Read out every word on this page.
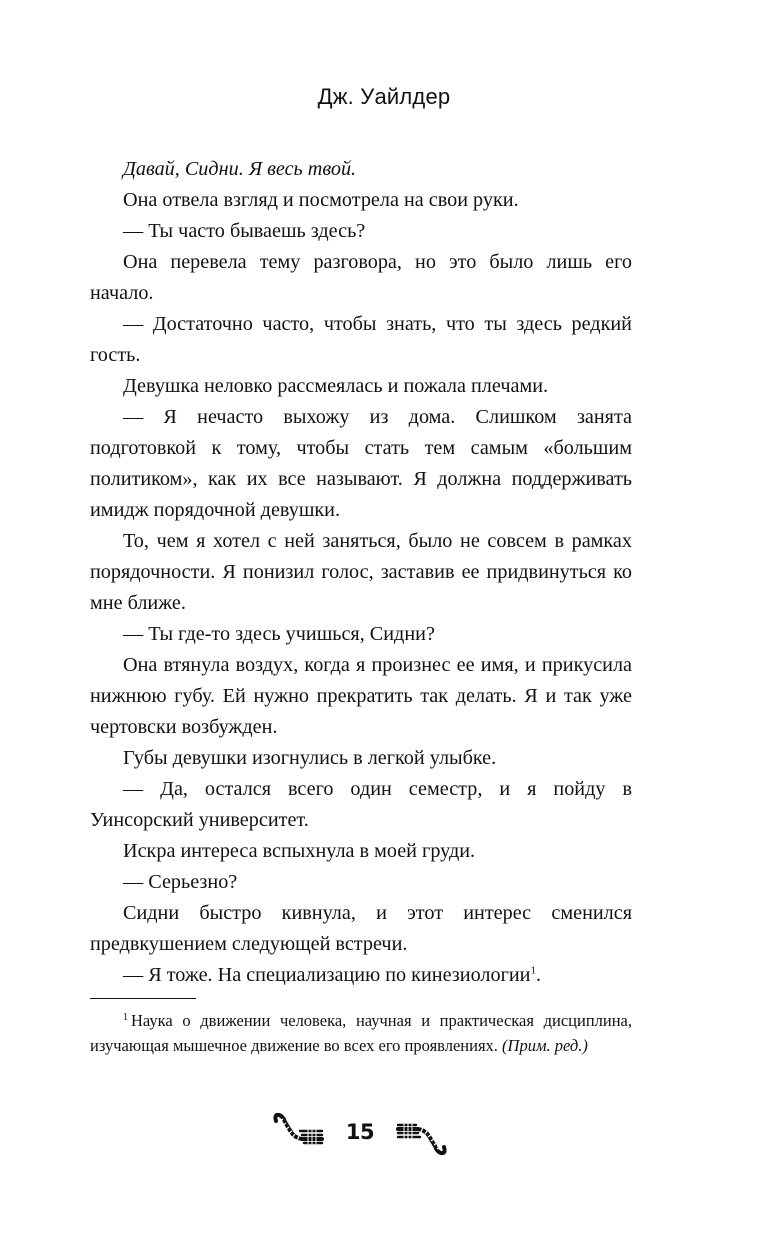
Дж. Уайлдер

Давай, Сидни. Я весь твой.

Она отвела взгляд и посмотрела на свои руки.

— Ты часто бываешь здесь?

Она перевела тему разговора, но это было лишь его начало.

— Достаточно часто, чтобы знать, что ты здесь редкий гость.

Девушка неловко рассмеялась и пожала плечами.

— Я нечасто выхожу из дома. Слишком занята подготовкой к тому, чтобы стать тем самым «большим политиком», как их все называют. Я должна поддерживать имидж порядочной девушки.

То, чем я хотел с ней заняться, было не совсем в рамках порядочности. Я понизил голос, заставив ее придвинуться ко мне ближе.

— Ты где-то здесь учишься, Сидни?

Она втянула воздух, когда я произнес ее имя, и прикусила нижнюю губу. Ей нужно прекратить так делать. Я и так уже чертовски возбужден.

Губы девушки изогнулись в легкой улыбке.

— Да, остался всего один семестр, и я пойду в Уинсорский университет.

Искра интереса вспыхнула в моей груди.

— Серьезно?

Сидни быстро кивнула, и этот интерес сменился предвкушением следующей встречи.

— Я тоже. На специализацию по кинезиологии$^1$.

$^1$ Наука о движении человека, научная и практическая дисциплина, изучающая мышечное движение во всех его проявлениях. (Прим. ред.)

15
